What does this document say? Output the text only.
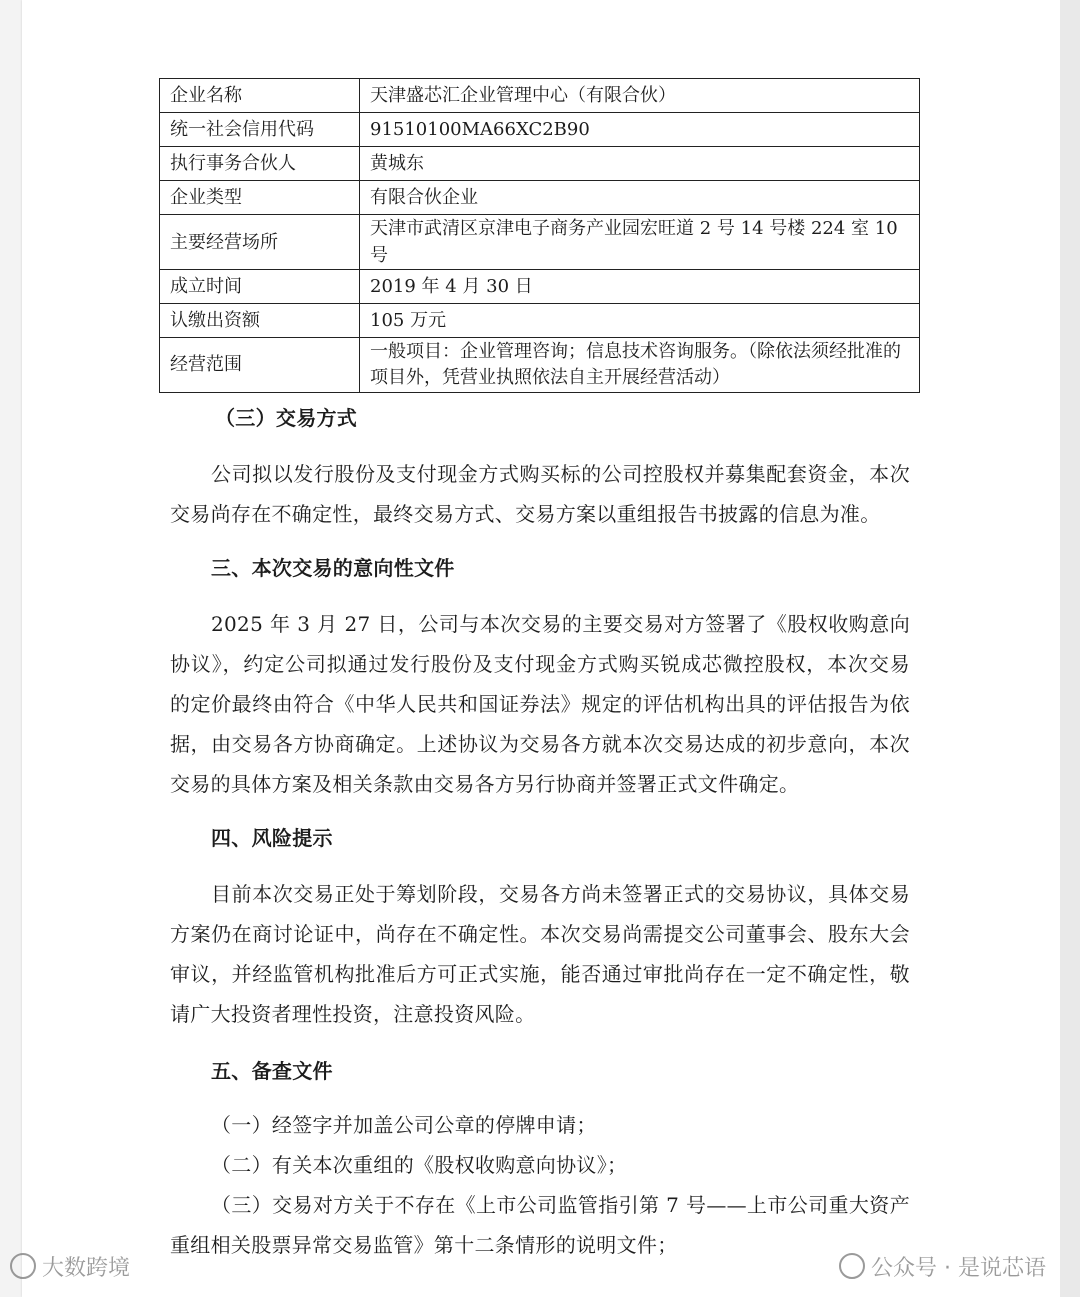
企业名称	天津盛芯汇企业管理中心（有限合伙）
统一社会信用代码	91510100MA66XC2B90
执行事务合伙人	黄城东
企业类型	有限合伙企业
主要经营场所	天津市武清区京津电子商务产业园宏旺道 2 号 14 号楼 224 室 10 号
成立时间	2019 年 4 月 30 日
认缴出资额	105 万元
经营范围	一般项目：企业管理咨询；信息技术咨询服务。（除依法须经批准的项目外，凭营业执照依法自主开展经营活动）
（三）交易方式
公司拟以发行股份及支付现金方式购买标的公司控股权并募集配套资金，本次交易尚存在不确定性，最终交易方式、交易方案以重组报告书披露的信息为准。
三、本次交易的意向性文件
2025 年 3 月 27 日，公司与本次交易的主要交易对方签署了《股权收购意向协议》，约定公司拟通过发行股份及支付现金方式购买锐成芯微控股权，本次交易的定价最终由符合《中华人民共和国证券法》规定的评估机构出具的评估报告为依据，由交易各方协商确定。上述协议为交易各方就本次交易达成的初步意向，本次交易的具体方案及相关条款由交易各方另行协商并签署正式文件确定。
四、风险提示
目前本次交易正处于筹划阶段，交易各方尚未签署正式的交易协议，具体交易方案仍在商讨论证中，尚存在不确定性。本次交易尚需提交公司董事会、股东大会审议，并经监管机构批准后方可正式实施，能否通过审批尚存在一定不确定性，敬请广大投资者理性投资，注意投资风险。
五、备查文件
（一）经签字并加盖公司公章的停牌申请；
（二）有关本次重组的《股权收购意向协议》；
（三）交易对方关于不存在《上市公司监管指引第 7 号——上市公司重大资产重组相关股票异常交易监管》第十二条情形的说明文件；
大数跨境	公众号 · 是说芯语
